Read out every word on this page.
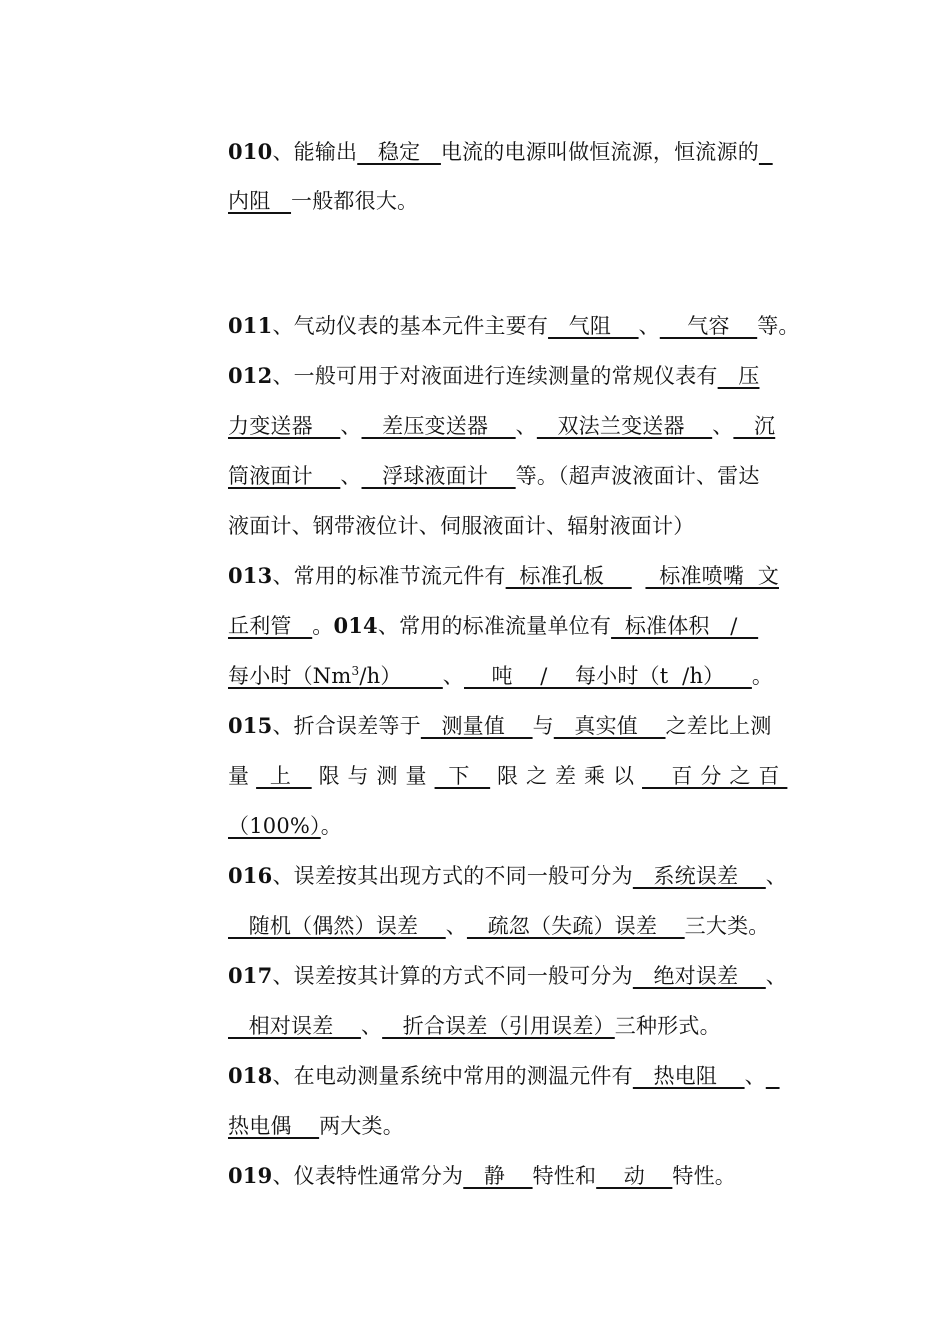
010、能输出   稳定   电流的电源叫做恒流源，恒流源的
内阻   一般都很大。
011、气动仪表的基本元件主要有   气阻    、    气容    等。
012、一般可用于对液面进行连续测量的常规仪表有   压
力变送器    、   差压变送器    、   双法兰变送器    、   沉
筒液面计    、   浮球液面计    等。（超声波液面计、雷达
液面计、钢带液位计、伺服液面计、辐射液面计）
013、常用的标准节流元件有  标准孔板        标准喷嘴  文
丘利管   。014、常用的标准流量单位有  标准体积   /
每小时（Nm$^3$/h）      、    吨    /    每小时（t  /h）    。
015、折合误差等于   测量值    与   真实值    之差比上测
量   上    限与测量  下    限之差乘以  百分之百
（100%）。
016、误差按其出现方式的不同一般可分为   系统误差    、
随机（偶然）误差    、   疏忽（失疏）误差    三大类。
017、误差按其计算的方式不同一般可分为   绝对误差    、
相对误差    、   折合误差（引用误差）三种形式。
018、在电动测量系统中常用的测温元件有   热电阻    、
热电偶    两大类。
019、仪表特性通常分为   静    特性和    动    特性。
